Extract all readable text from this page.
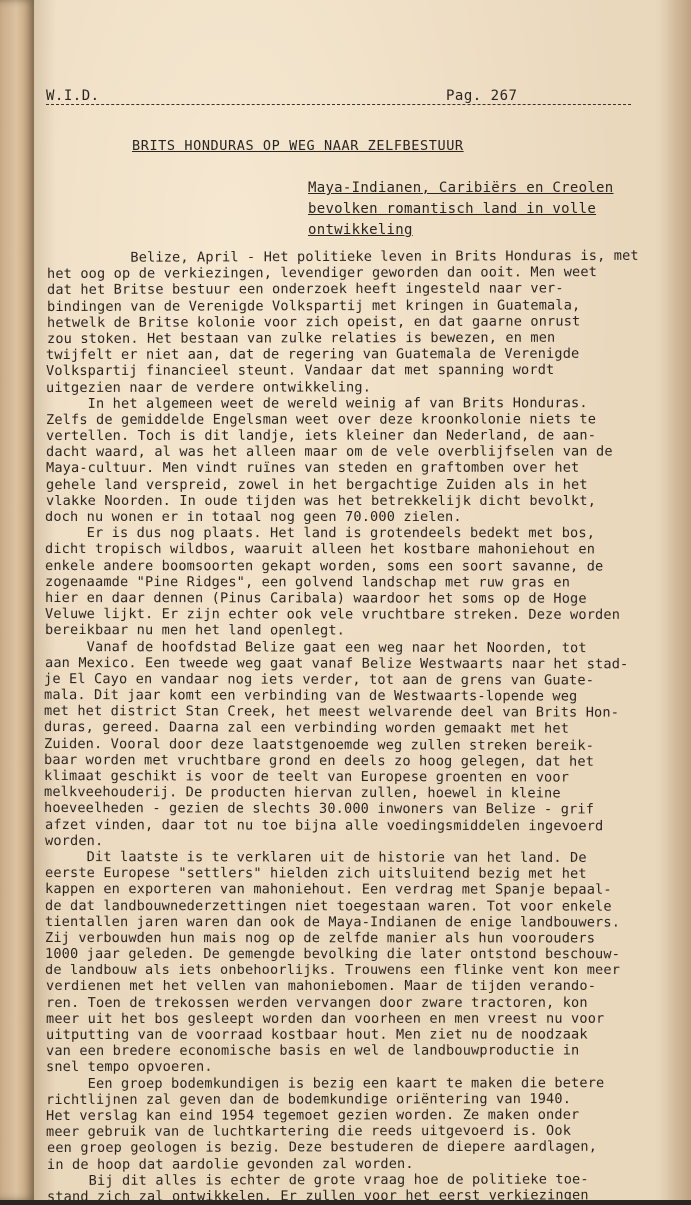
W.I.D.	Pag. 267
BRITS HONDURAS OP WEG NAAR ZELFBESTUUR
Maya-Indianen, Caribiërs en Creolen
bevolken romantisch land in volle
ontwikkeling
Belize, April - Het politieke leven in Brits Honduras is, met
het oog op de verkiezingen, levendiger geworden dan ooit. Men weet
dat het Britse bestuur een onderzoek heeft ingesteld naar ver-
bindingen van de Verenigde Volkspartij met kringen in Guatemala,
hetwelk de Britse kolonie voor zich opeist, en dat gaarne onrust
zou stoken. Het bestaan van zulke relaties is bewezen, en men
twijfelt er niet aan, dat de regering van Guatemala de Verenigde
Volkspartij financieel steunt. Vandaar dat met spanning wordt
uitgezien naar de verdere ontwikkeling.
In het algemeen weet de wereld weinig af van Brits Honduras.
Zelfs de gemiddelde Engelsman weet over deze kroonkolonie niets te
vertellen. Toch is dit landje, iets kleiner dan Nederland, de aan-
dacht waard, al was het alleen maar om de vele overblijfselen van de
Maya-cultuur. Men vindt ruïnes van steden en graftomben over het
gehele land verspreid, zowel in het bergachtige Zuiden als in het
vlakke Noorden. In oude tijden was het betrekkelijk dicht bevolkt,
doch nu wonen er in totaal nog geen 70.000 zielen.
Er is dus nog plaats. Het land is grotendeels bedekt met bos,
dicht tropisch wildbos, waaruit alleen het kostbare mahoniehout en
enkele andere boomsoorten gekapt worden, soms een soort savanne, de
zogenaamde "Pine Ridges", een golvend landschap met ruw gras en
hier en daar dennen (Pinus Caribala) waardoor het soms op de Hoge
Veluwe lijkt. Er zijn echter ook vele vruchtbare streken. Deze worden
bereikbaar nu men het land openlegt.
Vanaf de hoofdstad Belize gaat een weg naar het Noorden, tot
aan Mexico. Een tweede weg gaat vanaf Belize Westwaarts naar het stad-
je El Cayo en vandaar nog iets verder, tot aan de grens van Guate-
mala. Dit jaar komt een verbinding van de Westwaarts-lopende weg
met het district Stan Creek, het meest welvarende deel van Brits Hon-
duras, gereed. Daarna zal een verbinding worden gemaakt met het
Zuiden. Vooral door deze laatstgenoemde weg zullen streken bereik-
baar worden met vruchtbare grond en deels zo hoog gelegen, dat het
klimaat geschikt is voor de teelt van Europese groenten en voor
melkveehouderij. De producten hiervan zullen, hoewel in kleine
hoeveelheden - gezien de slechts 30.000 inwoners van Belize - grif
afzet vinden, daar tot nu toe bijna alle voedingsmiddelen ingevoerd
worden.
Dit laatste is te verklaren uit de historie van het land. De
eerste Europese "settlers" hielden zich uitsluitend bezig met het
kappen en exporteren van mahoniehout. Een verdrag met Spanje bepaal-
de dat landbouwnederzettingen niet toegestaan waren. Tot voor enkele
tientallen jaren waren dan ook de Maya-Indianen de enige landbouwers.
Zij verbouwden hun mais nog op de zelfde manier als hun voorouders
1000 jaar geleden. De gemengde bevolking die later ontstond beschouw-
de landbouw als iets onbehoorlijks. Trouwens een flinke vent kon meer
verdienen met het vellen van mahoniebomen. Maar de tijden verando-
ren. Toen de trekossen werden vervangen door zware tractoren, kon
meer uit het bos gesleept worden dan voorheen en men vreest nu voor
uitputting van de voorraad kostbaar hout. Men ziet nu de noodzaak
van een bredere economische basis en wel de landbouwproductie in
snel tempo opvoeren.
Een groep bodemkundigen is bezig een kaart te maken die betere
richtlijnen zal geven dan de bodemkundige oriëntering van 1940.
Het verslag kan eind 1954 tegemoet gezien worden. Ze maken onder
meer gebruik van de luchtkartering die reeds uitgevoerd is. Ook
een groep geologen is bezig. Deze bestuderen de diepere aardlagen,
in de hoop dat aardolie gevonden zal worden.
Bij dit alles is echter de grote vraag hoe de politieke toe-
stand zich zal ontwikkelen. Er zullen voor het eerst verkiezingen
